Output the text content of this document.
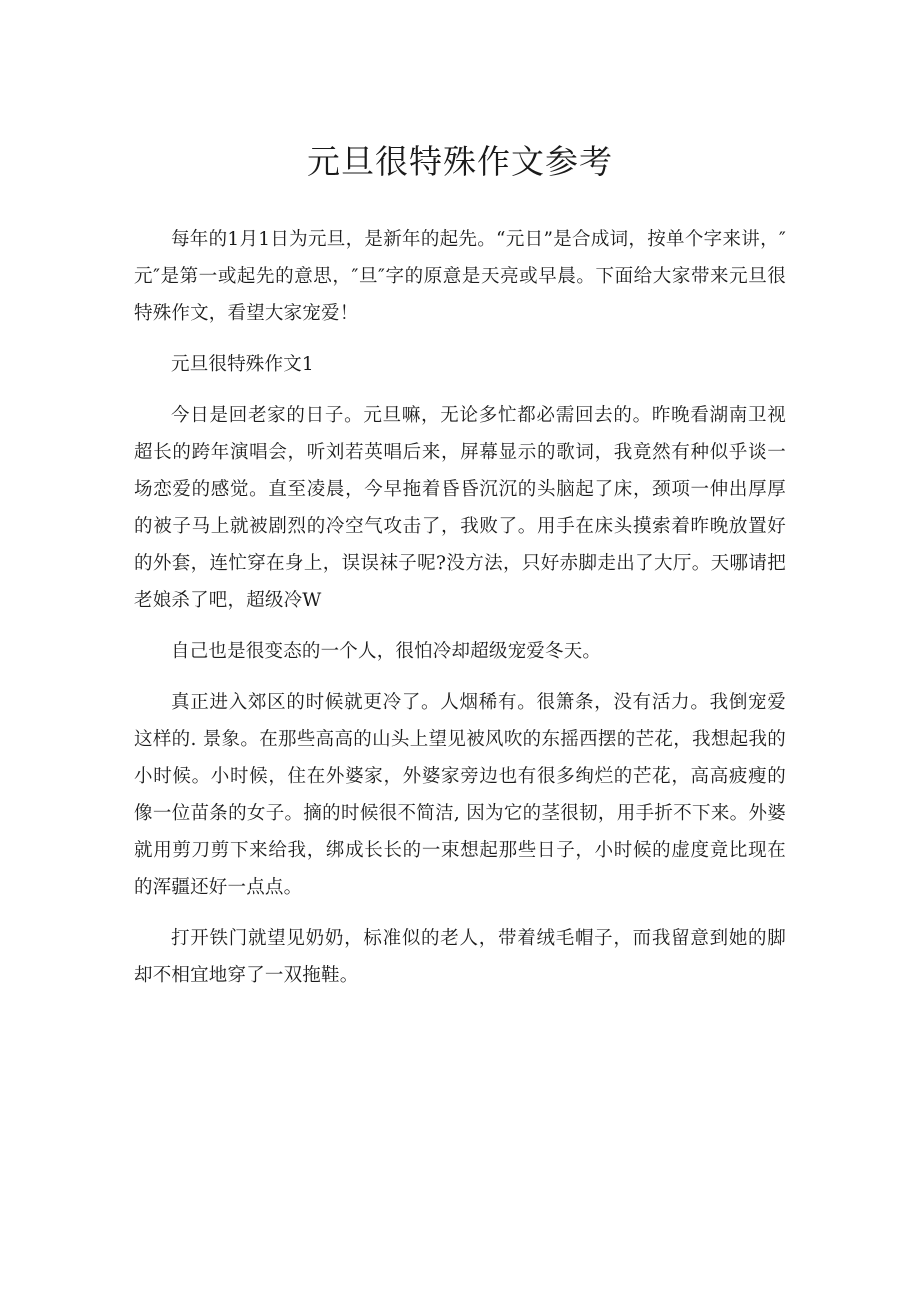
元旦很特殊作文参考

每年的1月1日为元旦，是新年的起先。“元日”是合成词，按单个字来讲，″元″是第一或起先的意思，″旦″字的原意是天亮或早晨。下面给大家带来元旦很特殊作文，看望大家宠爱！

元旦很特殊作文1

今日是回老家的日子。元旦嘛，无论多忙都必需回去的。昨晚看湖南卫视超长的跨年演唱会，听刘若英唱后来，屏幕显示的歌词，我竟然有种似乎谈一场恋爱的感觉。直至凌晨，今早拖着昏昏沉沉的头脑起了床，颈项一伸出厚厚的被子马上就被剧烈的冷空气攻击了，我败了。用手在床头摸索着昨晚放置好的外套，连忙穿在身上，误误袜子呢?没方法，只好赤脚走出了大厅。天哪请把老娘杀了吧，超级冷W

自己也是很变态的一个人，很怕冷却超级宠爱冬天。

真正进入郊区的时候就更冷了。人烟稀有。很箫条，没有活力。我倒宠爱这样的. 景象。在那些高高的山头上望见被风吹的东摇西摆的芒花，我想起我的小时候。小时候，住在外婆家，外婆家旁边也有很多绚烂的芒花，高高疲瘦的像一位苗条的女子。摘的时候很不简洁, 因为它的茎很韧，用手折不下来。外婆就用剪刀剪下来给我，绑成长长的一束想起那些日子，小时候的虚度竟比现在的浑疆还好一点点。

打开铁门就望见奶奶，标准似的老人，带着绒毛帽子，而我留意到她的脚却不相宜地穿了一双拖鞋。
